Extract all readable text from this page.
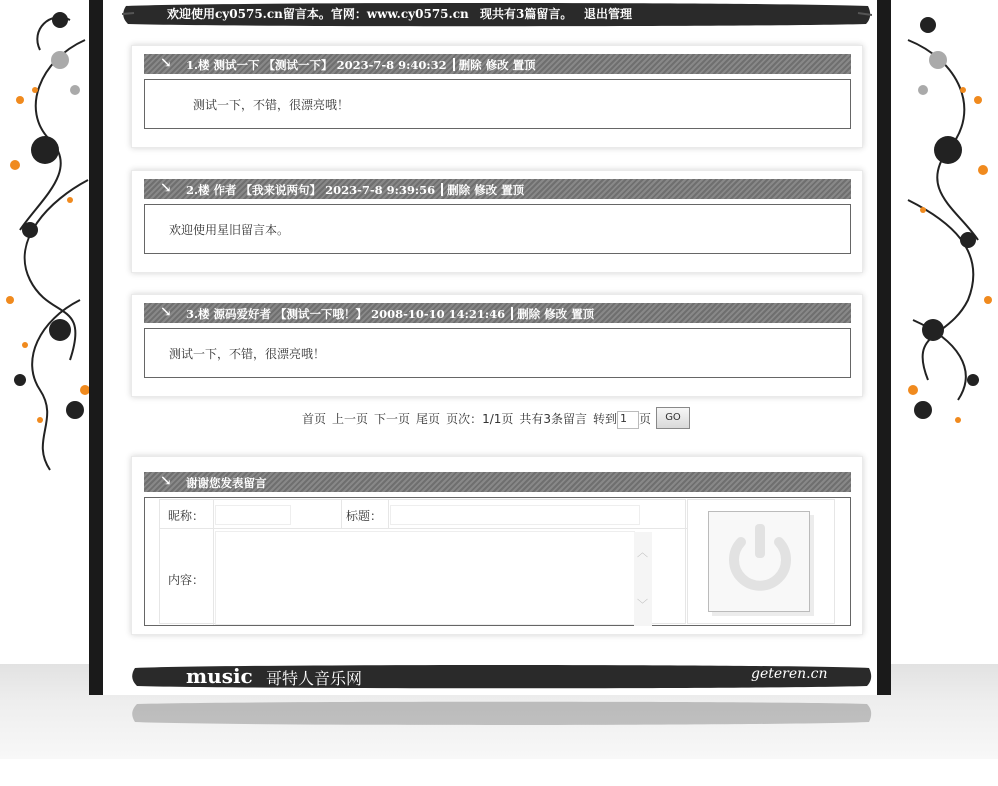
欢迎使用cy0575.cn留言本。官网：www.cy0575.cn 现共有3篇留言。 退出管理
↘ 1.楼 测试一下 【测试一下】 2023-7-8 9:40:32 删除 修改 置顶
测试一下，不错，很漂亮哦！
↘ 2.楼 作者 【我来说两句】 2023-7-8 9:39:56 删除 修改 置顶
欢迎使用星旧留言本。
↘ 3.楼 源码爱好者 【测试一下哦！】 2008-10-10 14:21:46 删除 修改 置顶
测试一下，不错，很漂亮哦！
首页 上一页 下一页 尾页 页次：1/1页 共有3条留言 转到 1 页	GO
↘ 谢谢您发表留言
昵称：	标题：
内容：
︿
﹀
music 哥特人音乐网	geteren.cn
